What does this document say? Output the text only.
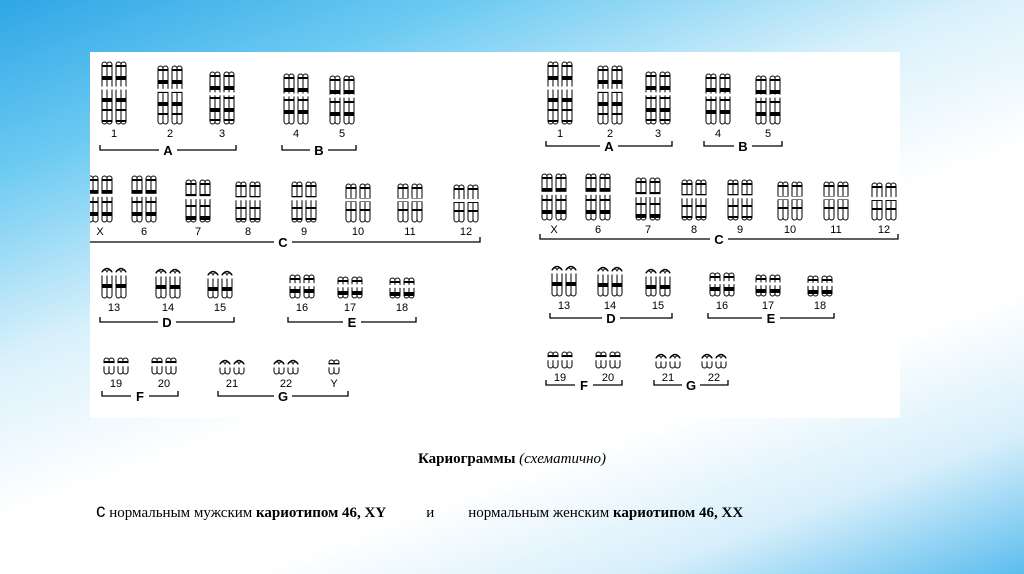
1	2	3	4	5
A	B
X	6	7	8	9	10	11	12
C
13	14	15	16	17	18
D	E
19	20	21	22	Y
F	G
1	2	3	4	5
A	B
X	6	7	8	9	10	11	12
C
13	14	15	16	17	18
D	E
19	20	21	22
F	G
Кариограммы (схематично)
с нормальным мужским кариотипом 46, XY	и нормальным женским кариотипом 46, XX
